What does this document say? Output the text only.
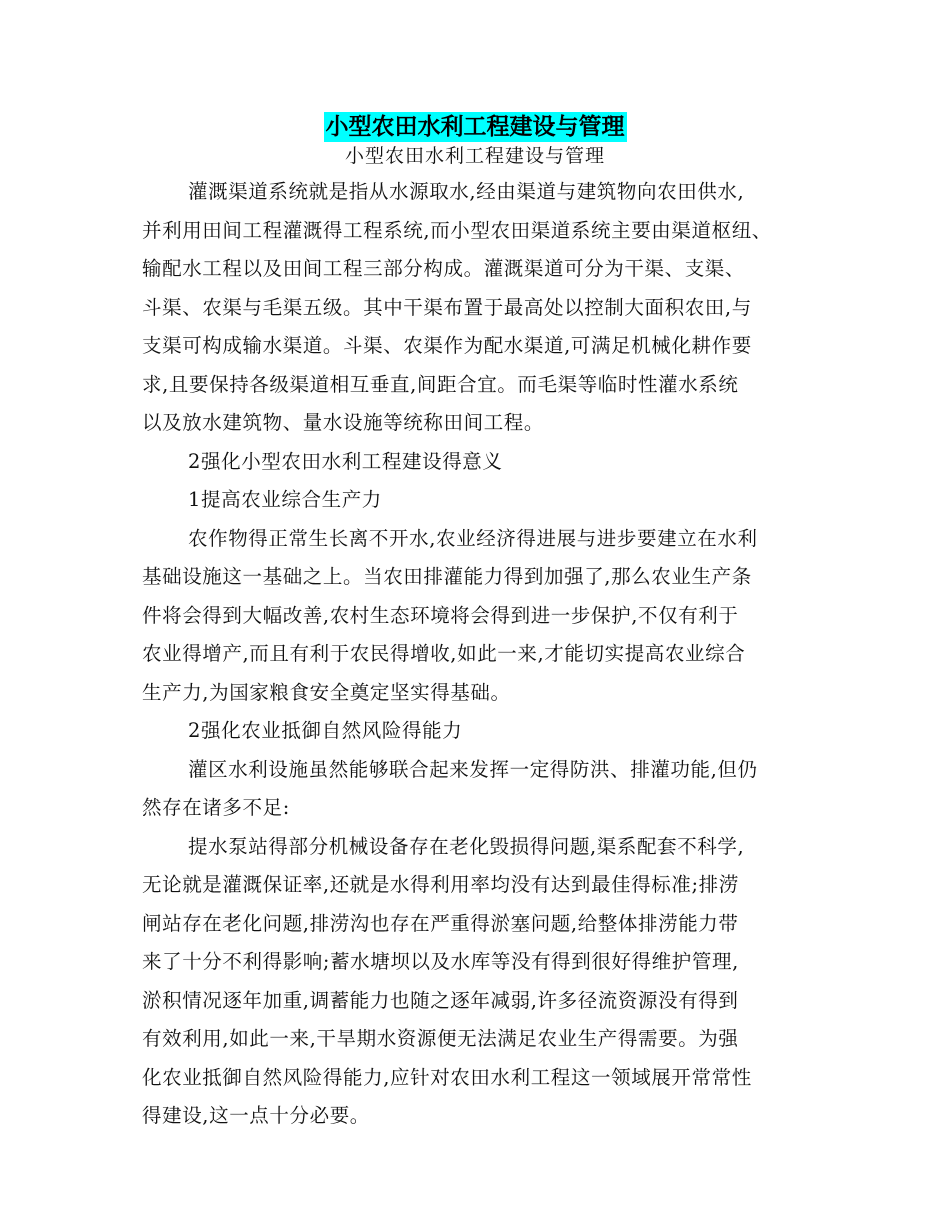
小型农田水利工程建设与管理
小型农田水利工程建设与管理
灌溉渠道系统就是指从水源取水,经由渠道与建筑物向农田供水,
并利用田间工程灌溉得工程系统,而小型农田渠道系统主要由渠道枢纽、
输配水工程以及田间工程三部分构成。灌溉渠道可分为干渠、支渠、
斗渠、农渠与毛渠五级。其中干渠布置于最高处以控制大面积农田,与
支渠可构成输水渠道。斗渠、农渠作为配水渠道,可满足机械化耕作要
求,且要保持各级渠道相互垂直,间距合宜。而毛渠等临时性灌水系统
以及放水建筑物、量水设施等统称田间工程。
2强化小型农田水利工程建设得意义
1提高农业综合生产力
农作物得正常生长离不开水,农业经济得进展与进步要建立在水利
基础设施这一基础之上。当农田排灌能力得到加强了,那么农业生产条
件将会得到大幅改善,农村生态环境将会得到进一步保护,不仅有利于
农业得增产,而且有利于农民得增收,如此一来,才能切实提高农业综合
生产力,为国家粮食安全奠定坚实得基础。
2强化农业抵御自然风险得能力
灌区水利设施虽然能够联合起来发挥一定得防洪、排灌功能,但仍
然存在诸多不足:
提水泵站得部分机械设备存在老化毁损得问题,渠系配套不科学,
无论就是灌溉保证率,还就是水得利用率均没有达到最佳得标准;排涝
闸站存在老化问题,排涝沟也存在严重得淤塞问题,给整体排涝能力带
来了十分不利得影响;蓄水塘坝以及水库等没有得到很好得维护管理,
淤积情况逐年加重,调蓄能力也随之逐年减弱,许多径流资源没有得到
有效利用,如此一来,干旱期水资源便无法满足农业生产得需要。为强
化农业抵御自然风险得能力,应针对农田水利工程这一领域展开常常性
得建设,这一点十分必要。
